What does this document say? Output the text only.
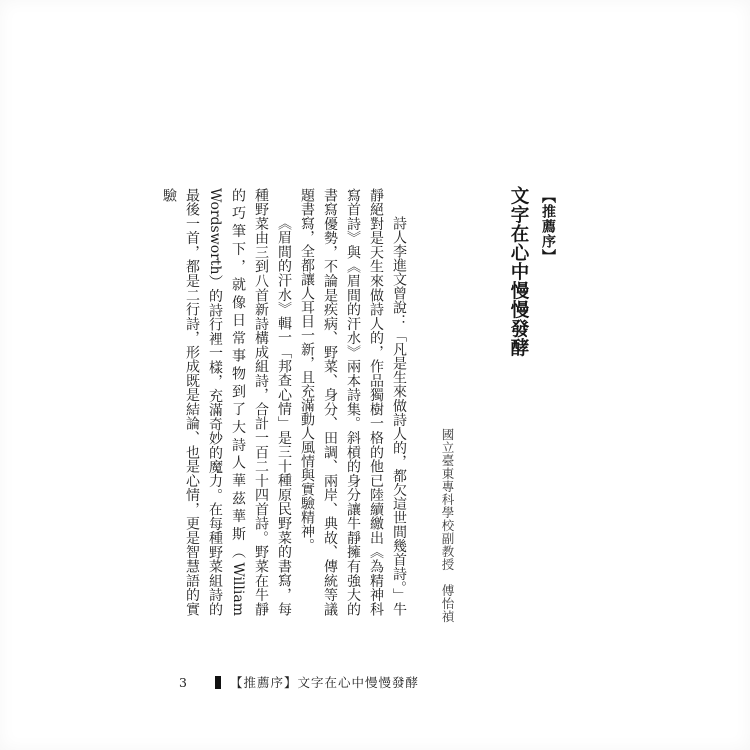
【推薦序】
文字在心中慢慢發酵
國立臺東專科學校副教授　傅怡禎

詩人李進文曾說：「凡是生來做詩人的，都欠這世間幾首詩。」牛靜絕對是天生來做詩人的，作品獨樹一格的他已陸續繳出《為精神科寫首詩》與《眉間的汗水》兩本詩集。斜槓的身分讓牛靜擁有強大的書寫優勢，不論是疾病、野菜、身分、田調、兩岸、典故、傳統等議題書寫，全都讓人耳目一新，且充滿動人風情與實驗精神。

《眉間的汗水》輯一「邦查心情」是三十種原民野菜的書寫，每種野菜由三到八首新詩構成組詩，合計一百二十四首詩。野菜在牛靜的巧筆下，就像日常事物到了大詩人華茲華斯（William Wordsworth）的詩行裡一樣，充滿奇妙的魔力。在每種野菜組詩的最後一首，都是二行詩，形成既是結論、也是心情，更是智慧語的實驗

3	【推薦序】文字在心中慢慢發酵
